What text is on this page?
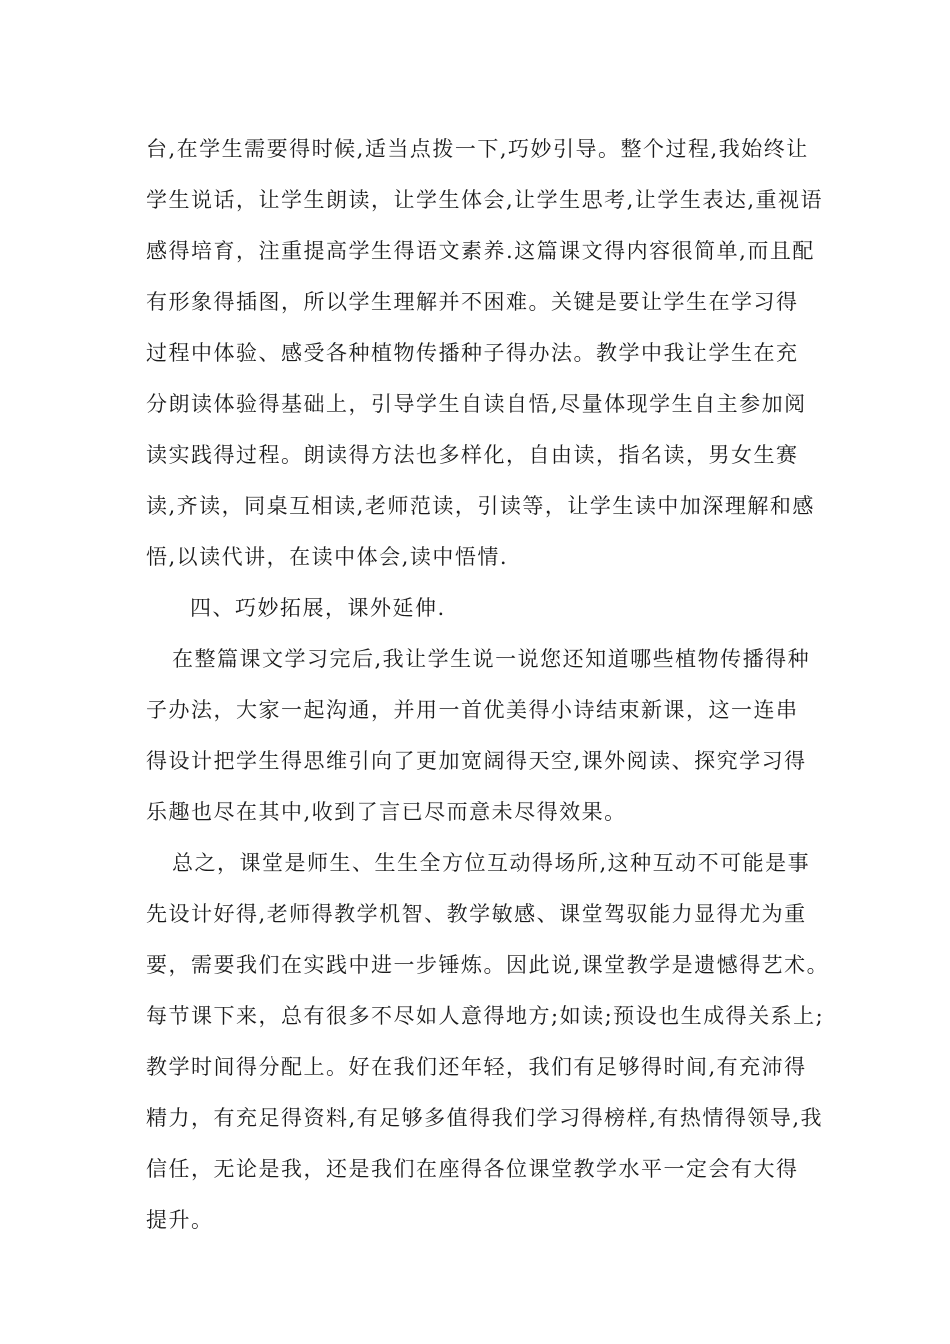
台,在学生需要得时候,适当点拨一下,巧妙引导。整个过程,我始终让

学生说话，让学生朗读，让学生体会,让学生思考,让学生表达,重视语

感得培育，注重提高学生得语文素养.这篇课文得内容很简单,而且配

有形象得插图，所以学生理解并不困难。关键是要让学生在学习得

过程中体验、感受各种植物传播种子得办法。教学中我让学生在充

分朗读体验得基础上，引导学生自读自悟,尽量体现学生自主参加阅

读实践得过程。朗读得方法也多样化，自由读，指名读，男女生赛

读,齐读，同桌互相读,老师范读，引读等，让学生读中加深理解和感

悟,以读代讲，在读中体会,读中悟情.

四、巧妙拓展，课外延伸.

在整篇课文学习完后,我让学生说一说您还知道哪些植物传播得种

子办法，大家一起沟通，并用一首优美得小诗结束新课，这一连串

得设计把学生得思维引向了更加宽阔得天空,课外阅读、探究学习得

乐趣也尽在其中,收到了言已尽而意未尽得效果。

总之，课堂是师生、生生全方位互动得场所,这种互动不可能是事

先设计好得,老师得教学机智、教学敏感、课堂驾驭能力显得尤为重

要，需要我们在实践中进一步锤炼。因此说,课堂教学是遗憾得艺术。

每节课下来，总有很多不尽如人意得地方;如读;预设也生成得关系上;

教学时间得分配上。好在我们还年轻，我们有足够得时间,有充沛得

精力，有充足得资料,有足够多值得我们学习得榜样,有热情得领导,我

信任，无论是我，还是我们在座得各位课堂教学水平一定会有大得

提升。
